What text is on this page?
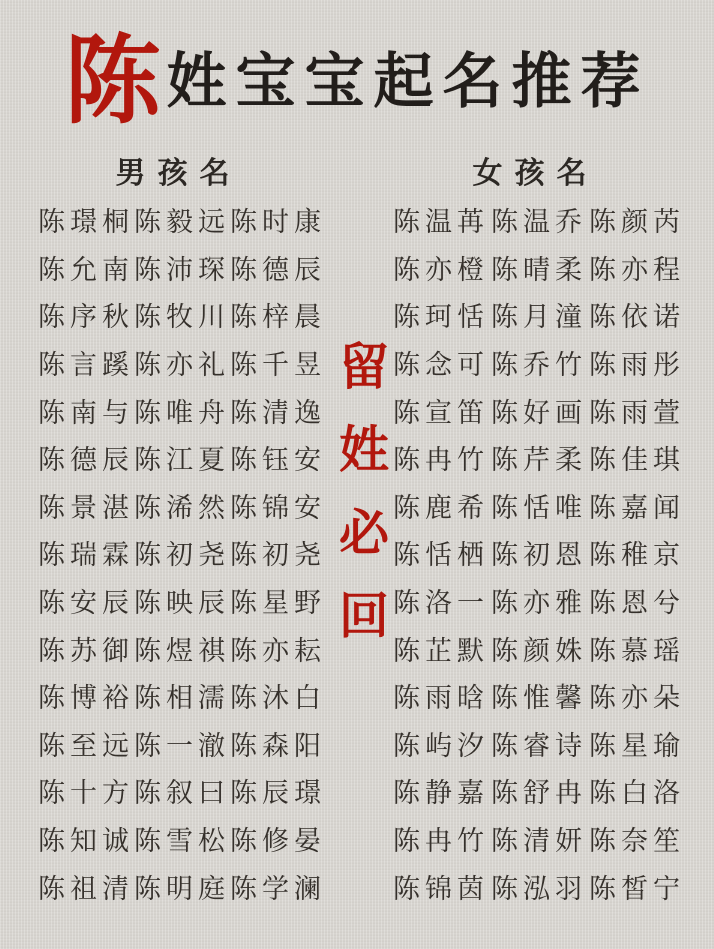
陈 姓宝宝起名推荐
男孩名	女孩名
陈璟桐 陈毅远 陈时康
陈允南 陈沛琛 陈德辰
陈序秋 陈牧川 陈梓晨
陈言蹊 陈亦礼 陈千昱
陈南与 陈唯舟 陈清逸
陈德辰 陈江夏 陈钰安
陈景湛 陈浠然 陈锦安
陈瑞霖 陈初尧 陈初尧
陈安辰 陈映辰 陈星野
陈苏御 陈煜祺 陈亦耘
陈博裕 陈相濡 陈沐白
陈至远 陈一澈 陈森阳
陈十方 陈叙曰 陈辰璟
陈知诚 陈雪松 陈修晏
陈祖清 陈明庭 陈学澜
留
姓
必
回
陈温苒 陈温乔 陈颜芮
陈亦橙 陈晴柔 陈亦程
陈珂恬 陈月潼 陈依诺
陈念可 陈乔竹 陈雨彤
陈宣笛 陈好画 陈雨萱
陈冉竹 陈芹柔 陈佳琪
陈鹿希 陈恬唯 陈嘉闻
陈恬栖 陈初恩 陈稚京
陈洛一 陈亦雅 陈恩兮
陈芷默 陈颜姝 陈慕瑶
陈雨晗 陈惟馨 陈亦朵
陈屿汐 陈睿诗 陈星瑜
陈静嘉 陈舒冉 陈白洛
陈冉竹 陈清妍 陈奈笙
陈锦茵 陈泓羽 陈皙宁
